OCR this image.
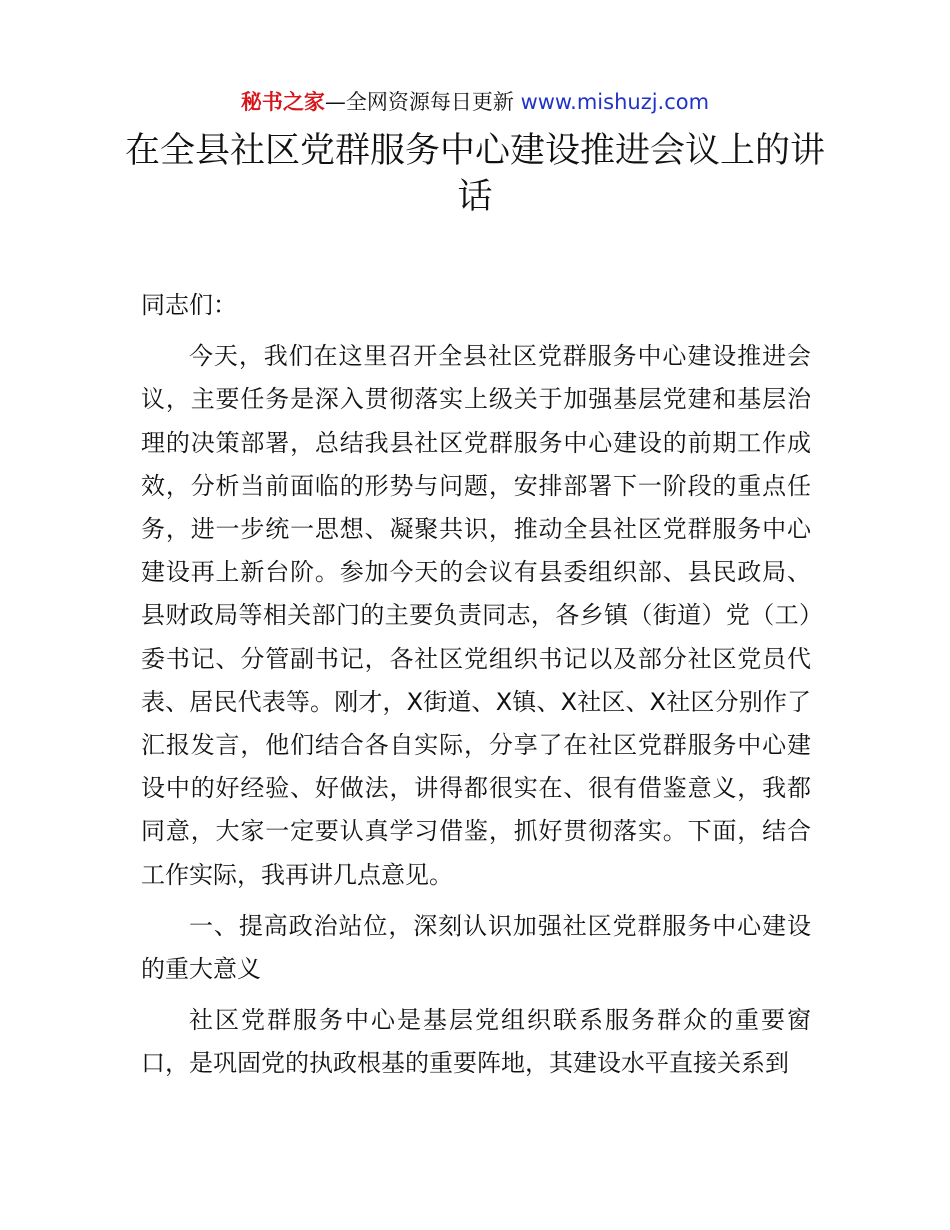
秘书之家—全网资源每日更新 www.mishuzj.com
在全县社区党群服务中心建设推进会议上的讲话

同志们：

今天，我们在这里召开全县社区党群服务中心建设推进会议，主要任务是深入贯彻落实上级关于加强基层党建和基层治理的决策部署，总结我县社区党群服务中心建设的前期工作成效，分析当前面临的形势与问题，安排部署下一阶段的重点任务，进一步统一思想、凝聚共识，推动全县社区党群服务中心建设再上新台阶。参加今天的会议有县委组织部、县民政局、县财政局等相关部门的主要负责同志，各乡镇（街道）党（工）委书记、分管副书记，各社区党组织书记以及部分社区党员代表、居民代表等。刚才，X街道、X镇、X社区、X社区分别作了汇报发言，他们结合各自实际，分享了在社区党群服务中心建设中的好经验、好做法，讲得都很实在、很有借鉴意义，我都同意，大家一定要认真学习借鉴，抓好贯彻落实。下面，结合工作实际，我再讲几点意见。

一、提高政治站位，深刻认识加强社区党群服务中心建设的重大意义

社区党群服务中心是基层党组织联系服务群众的重要窗口，是巩固党的执政根基的重要阵地，其建设水平直接关系到
